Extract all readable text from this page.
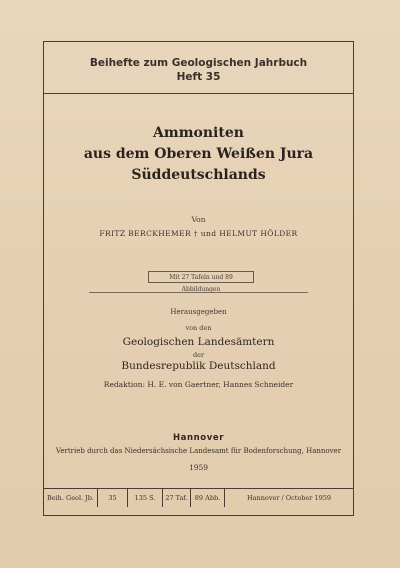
Beihefte zum Geologischen Jahrbuch
Heft 35
Ammoniten
aus dem Oberen Weißen Jura
Süddeutschlands
Von
FRITZ BERCKHEMER † und HELMUT HÖLDER
Mit 27 Tafeln und 89 Abbildungen
Herausgegeben
von den
Geologischen Landesämtern
der
Bundesrepublik Deutschland
Redaktion: H. E. von Gaertner, Hannes Schneider
Hannover
Vertrieb durch das Niedersächsische Landesamt für Bodenforschung, Hannover
1959
Beih. Geol. Jb.	35	135 S.	27 Taf.	89 Abb.	Hannover / October 1959
